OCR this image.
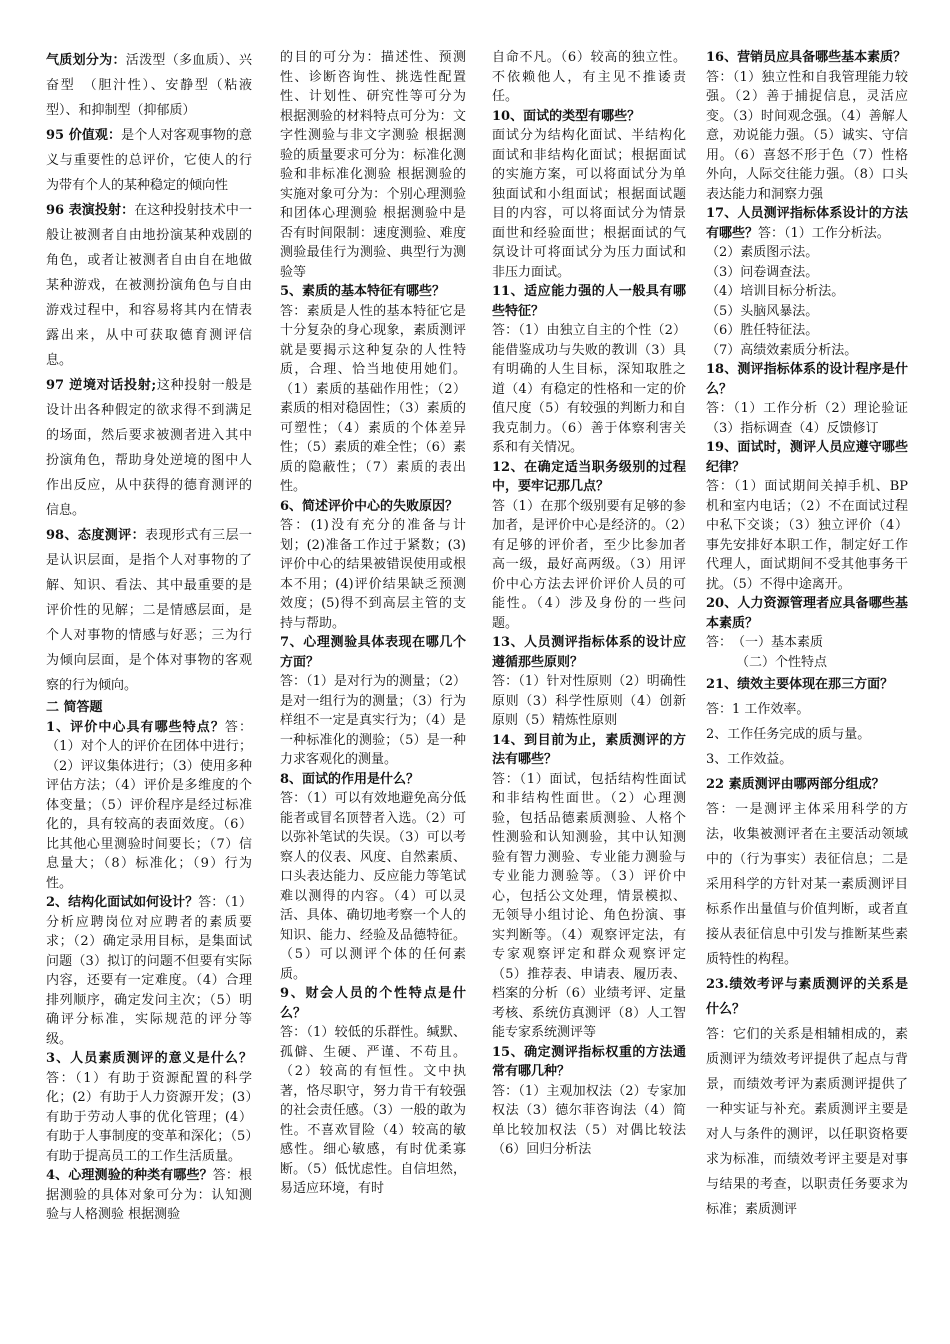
气质划分为：活泼型（多血质）、兴奋型　（胆汁性）、安静型（粘液型）、和抑制型（抑郁质）

95 价值观：是个人对客观事物的意义与重要性的总评价，它使人的行为带有个人的某种稳定的倾向性

96 表演投射：在这种投射技术中一般让被测者自由地扮演某种戏剧的角色，或者让被测者自由自在地做某种游戏，在被测扮演角色与自由游戏过程中，和容易将其内在情表露出来，从中可获取德育测评信息。

97 逆境对话投射;这种投射一般是设计出各种假定的欲求得不到满足的场面，然后要求被测者进入其中扮演角色，帮助身处逆境的图中人作出反应，从中获得的德育测评的信息。

98、态度测评：表现形式有三层一是认识层面，是指个人对事物的了解、知识、看法、其中最重要的是评价性的见解；二是情感层面，是个人对事物的情感与好恶；三为行为倾向层面，是个体对事物的客观察的行为倾向。

二 简答题

1、评价中心具有哪些特点？

答：（1）对个人的评价在团体中进行；（2）评议集体进行；（3）使用多种评估方法；（4）评价是多维度的个体变量；（5）评价程序是经过标准化的，具有较高的表面效度。（6）比其他心里测验时间要长；（7）信息量大；（8）标准化；（9）行为性。

2、结构化面试如何设计？

答：（1）分析应聘岗位对应聘者的素质要求；（2）确定录用目标，是集面试问题（3）拟订的问题不但要有实际内容，还要有一定难度。（4）合理排列顺序，确定发问主次；（5）明确评分标准，实际规范的评分等级。

3、人员素质测评的意义是什么？

答：（1）有助于资源配置的科学化；(2）有助于人力资源开发；(3）有助于劳动人事的优化管理；(4）有助于人事制度的变革和深化；（5）有助于提高员工的工作生活质量。

4、心理测验的种类有哪些？

答：根据测验的具体对象可分为：认知测验与人格测验 根据测验

的目的可分为：描述性、预测性、诊断咨询性、挑选性配置性、计划性、研究性等可分为 根据测验的材料特点可分为：文字性测验与非文字测验 根据测验的质量要求可分为：标准化测验和非标准化测验 根据测验的实施对象可分为：个别心理测验和团体心理测验 根据测验中是否有时间限制：速度测验、难度测验最佳行为测验、典型行为测验等

5、素质的基本特征有哪些？

答：素质是人性的基本特征它是十分复杂的身心现象，素质测评就是要揭示这种复杂的人性特质，合理、恰当地使用她们。（1）素质的基础作用性；（2）素质的相对稳固性；（3）素质的可塑性；（4）素质的个体差异性；（5）素质的难全性；（6）素质的隐蔽性；（7）素质的表出性。

6、简述评价中心的失败原因？

答：(1)没有充分的准备与计划；(2)准备工作过于紧数；(3)评价中心的结果被错误使用或根本不用；(4)评价结果缺乏预测效度；(5)得不到高层主管的支持与帮助。

7、心理测验具体表现在哪几个方面？

答：（1）是对行为的测量；（2）是对一组行为的测量；（3）行为样组不一定是真实行为；（4）是一种标准化的测验；（5）是一种力求客观化的测量。

8、面试的作用是什么？

答：（1）可以有效地避免高分低能者或冒名顶替者入选。（2）可以弥补笔试的失误。（3）可以考察人的仪表、风度、自然素质、口头表达能力、反应能力等笔试难以测得的内容。（4）可以灵活、具体、确切地考察一个人的知识、能力、经验及品德特征。（5）可以测评个体的任何素质。

9、财会人员的个性特点是什么？

答：（1）较低的乐群性。缄默、孤僻、生硬、严谨、不苟且。（2）较高的有恒性。文中执著，恪尽职守，努力肯干有较强的社会责任感。（3）一般的敢为性。不喜欢冒险（4）较高的敏感性。细心敏感，有时优柔寡断。（5）低忧虑性。自信坦然，易适应环境，有时

自命不凡。（6）较高的独立性。不依赖他人，有主见不推诿责任。

10、面试的类型有哪些？

面试分为结构化面试、半结构化面试和非结构化面试；根据面试的实施方案，可以将面试分为单独面试和小组面试；根据面试题目的内容，可以将面试分为情景面世和经验面世；根据面试的气氛设计可将面试分为压力面试和非压力面试。

11、适应能力强的人一般具有哪些特征？

答：（1）由独立自主的个性（2）能借鉴成功与失败的教训（3）具有明确的人生目标，深知取胜之道（4）有稳定的性格和一定的价值尺度（5）有较强的判断力和自我克制力。（6）善于体察利害关系和有关情况。

12、在确定适当职务级别的过程中，要牢记那几点？

答（1）在那个级别要有足够的参加者，是评价中心是经济的。（2）有足够的评价者，至少比参加者高一级，最好高两级。（3）用评价中心方法去评价评价人员的可能性。（4）涉及身份的一些问题。

13、人员测评指标体系的设计应遵循那些原则？

答：（1）针对性原则（2）明确性原则（3）科学性原则（4）创新原则（5）精炼性原则

14、到目前为止，素质测评的方法有哪些？

答：（1）面试，包括结构性面试和非结构性面世。（2）心理测验，包括品德素质测验、人格个性测验和认知测验，其中认知测验有智力测验、专业能力测验与专业能力测验等。（3）评价中心，包括公文处理，情景模拟、无领导小组讨论、角色扮演、事实判断等。（4）观察评定法，有专家观察评定和群众观察评定（5）推荐表、申请表、履历表、档案的分析（6）业绩考评、定量考核、系统仿真测评（8）人工智能专家系统测评等

15、确定测评指标权重的方法通常有哪几种？

答：（1）主观加权法（2）专家加权法（3）德尔菲咨询法（4）简单比较加权法（5）对偶比较法（6）回归分析法

16、营销员应具备哪些基本素质？

答：（1）独立性和自我管理能力较强。（2）善于捕捉信息，灵活应变。（3）时间观念强。（4）善解人意，劝说能力强。（5）诚实、守信用。（6）喜怒不形于色（7）性格外向，人际交往能力强。（8）口头表达能力和洞察力强

17、人员测评指标体系设计的方法有哪些？答：（1）工作分析法。

（2）素质图示法。

（3）问卷调查法。

（4）培训目标分析法。

（5）头脑风暴法。

（6）胜任特征法。

（7）高绩效素质分析法。

18、测评指标体系的设计程序是什么？

答：（1）工作分析（2）理论验证（3）指标调查（4）反馈修订

19、面试时，测评人员应遵守哪些纪律？

答：（1）面试期间关掉手机、BP 机和室内电话；（2）不在面试过程中私下交谈；（3）独立评价（4）事先安排好本职工作，制定好工作代理人，面试期间不受其他事务干扰。（5）不得中途离开。

20、人力资源管理者应具备哪些基本素质？

答：　（一）基本素质

（二）个性特点

21、绩效主要体现在那三方面？

答：1 工作效率。

2、工作任务完成的质与量。

3、工作效益。

22 素质测评由哪两部分组成？

答：一是测评主体采用科学的方法，收集被测评者在主要活动领域中的（行为事实）表征信息；二是采用科学的方针对某一素质测评目标系作出量值与价值判断，或者直接从表征信息中引发与推断某些素质特性的构程。

23.绩效考评与素质测评的关系是什么？

答：它们的关系是相辅相成的，素质测评为绩效考评提供了起点与背景，而绩效考评为素质测评提供了一种实证与补充。素质测评主要是对人与条件的测评，以任职资格要求为标准，而绩效考评主要是对事与结果的考查，以职责任务要求为标准；素质测评
